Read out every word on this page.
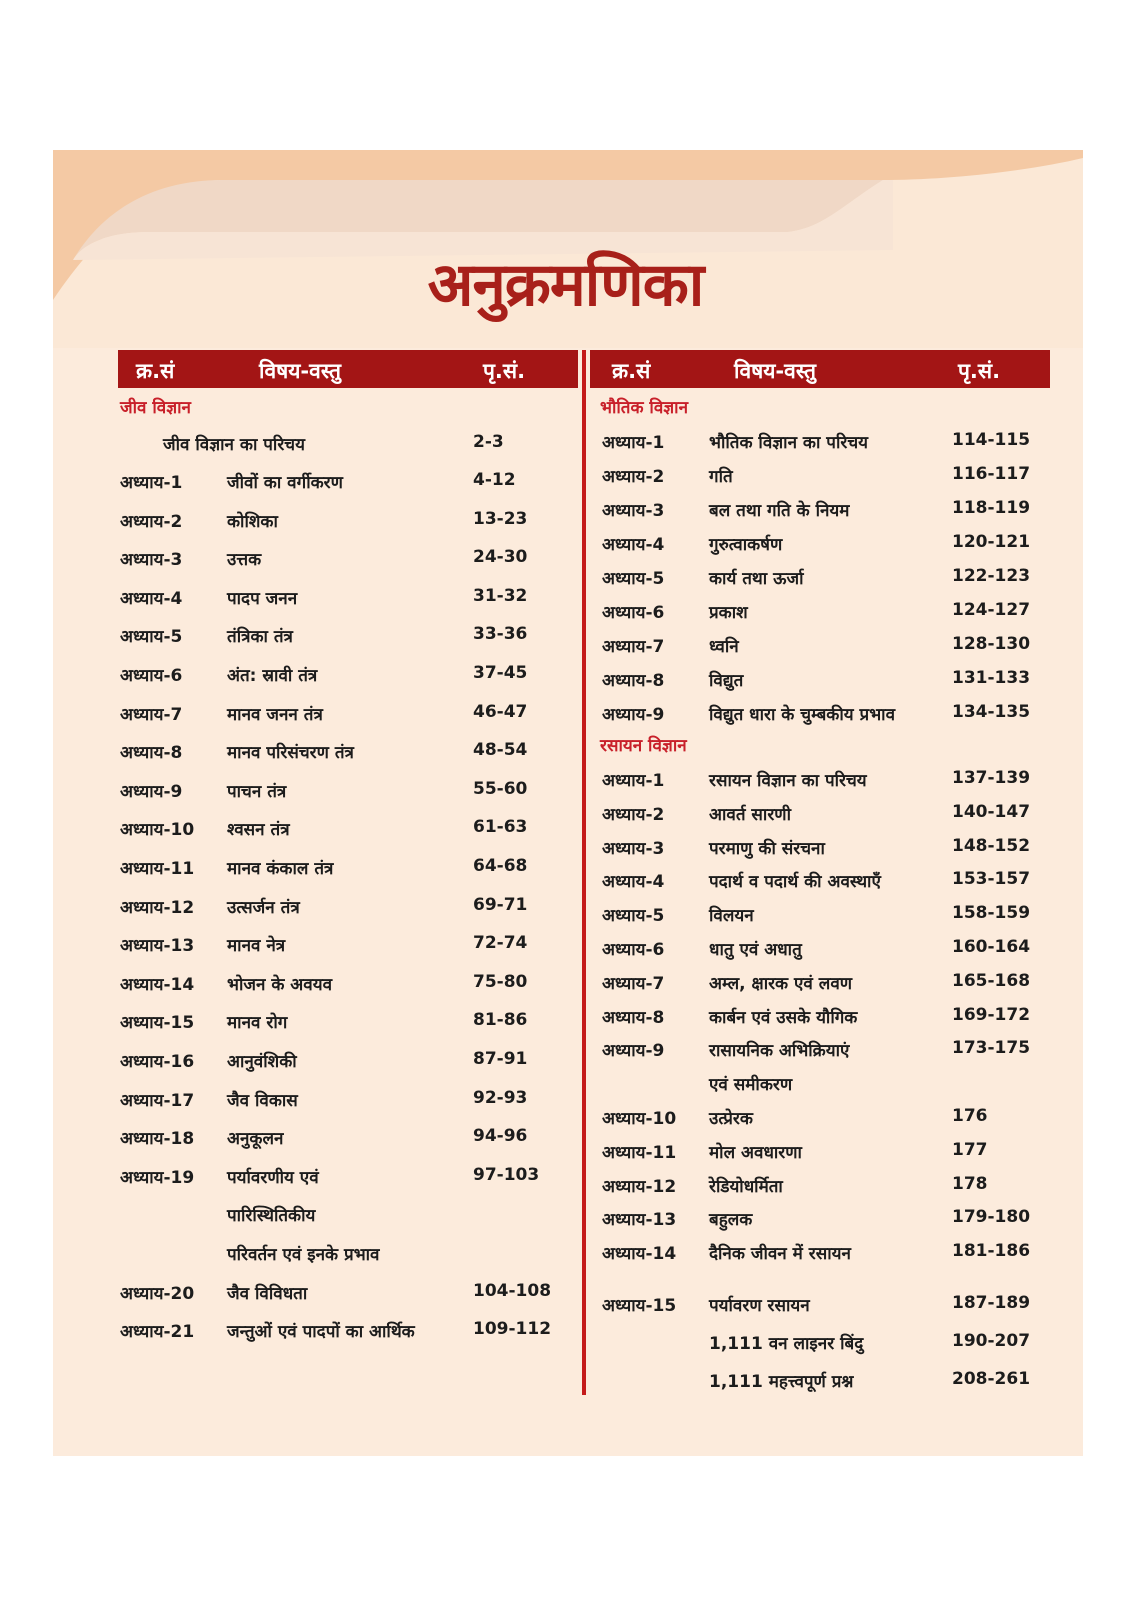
अनुक्रमणिका
क्र.सं	विषय-वस्तु	पृ.सं.	क्र.सं	विषय-वस्तु	पृ.सं.
जीव विज्ञान
जीव विज्ञान का परिचय	2-3
अध्याय-1	जीवों का वर्गीकरण	4-12
अध्याय-2	कोशिका	13-23
अध्याय-3	उत्तक	24-30
अध्याय-4	पादप जनन	31-32
अध्याय-5	तंत्रिका तंत्र	33-36
अध्याय-6	अंत: स्रावी तंत्र	37-45
अध्याय-7	मानव जनन तंत्र	46-47
अध्याय-8	मानव परिसंचरण तंत्र	48-54
अध्याय-9	पाचन तंत्र	55-60
अध्याय-10 श्वसन तंत्र	61-63
अध्याय-11 मानव कंकाल तंत्र	64-68
अध्याय-12 उत्सर्जन तंत्र	69-71
अध्याय-13 मानव नेत्र	72-74
अध्याय-14 भोजन के अवयव	75-80
अध्याय-15 मानव रोग	81-86
अध्याय-16 आनुवंशिकी	87-91
अध्याय-17 जैव विकास	92-93
अध्याय-18 अनुकूलन	94-96
अध्याय-19 पर्यावरणीय एवं	97-103
पारिस्थितिकीय
परिवर्तन एवं इनके प्रभाव
अध्याय-20 जैव विविधता	104-108
अध्याय-21 जन्तुओं एवं पादपों का आर्थिक	109-112
अध्याय-1	भौतिक विज्ञान का परिचय	114-115
अध्याय-2	गति	116-117
अध्याय-3	बल तथा गति के नियम	118-119
अध्याय-4	गुरुत्वाकर्षण	120-121
अध्याय-5	कार्य तथा ऊर्जा	122-123
अध्याय-6	प्रकाश	124-127
अध्याय-7	ध्वनि	128-130
अध्याय-8	विद्युत	131-133
अध्याय-9	विद्युत धारा के चुम्बकीय प्रभाव	134-135
भौतिक विज्ञान
रसायन विज्ञान
अध्याय-1	रसायन विज्ञान का परिचय	137-139
अध्याय-2	आवर्त सारणी	140-147
अध्याय-3	परमाणु की संरचना	148-152
अध्याय-4	पदार्थ व पदार्थ की अवस्थाएँ	153-157
अध्याय-5	विलयन	158-159
अध्याय-6	धातु एवं अधातु	160-164
अध्याय-7	अम्ल, क्षारक एवं लवण	165-168
अध्याय-8	कार्बन एवं उसके यौगिक	169-172
अध्याय-9	रासायनिक अभिक्रियाएं	173-175
एवं समीकरण
अध्याय-10 उत्प्रेरक	176
अध्याय-11 मोल अवधारणा	177
अध्याय-12 रेडियोधर्मिता	178
अध्याय-13 बहुलक	179-180
अध्याय-14 दैनिक जीवन में रसायन	181-186
अध्याय-15 पर्यावरण रसायन	187-189
1,111 वन लाइनर बिंदु	190-207
1,111 महत्त्वपूर्ण प्रश्न	208-261
